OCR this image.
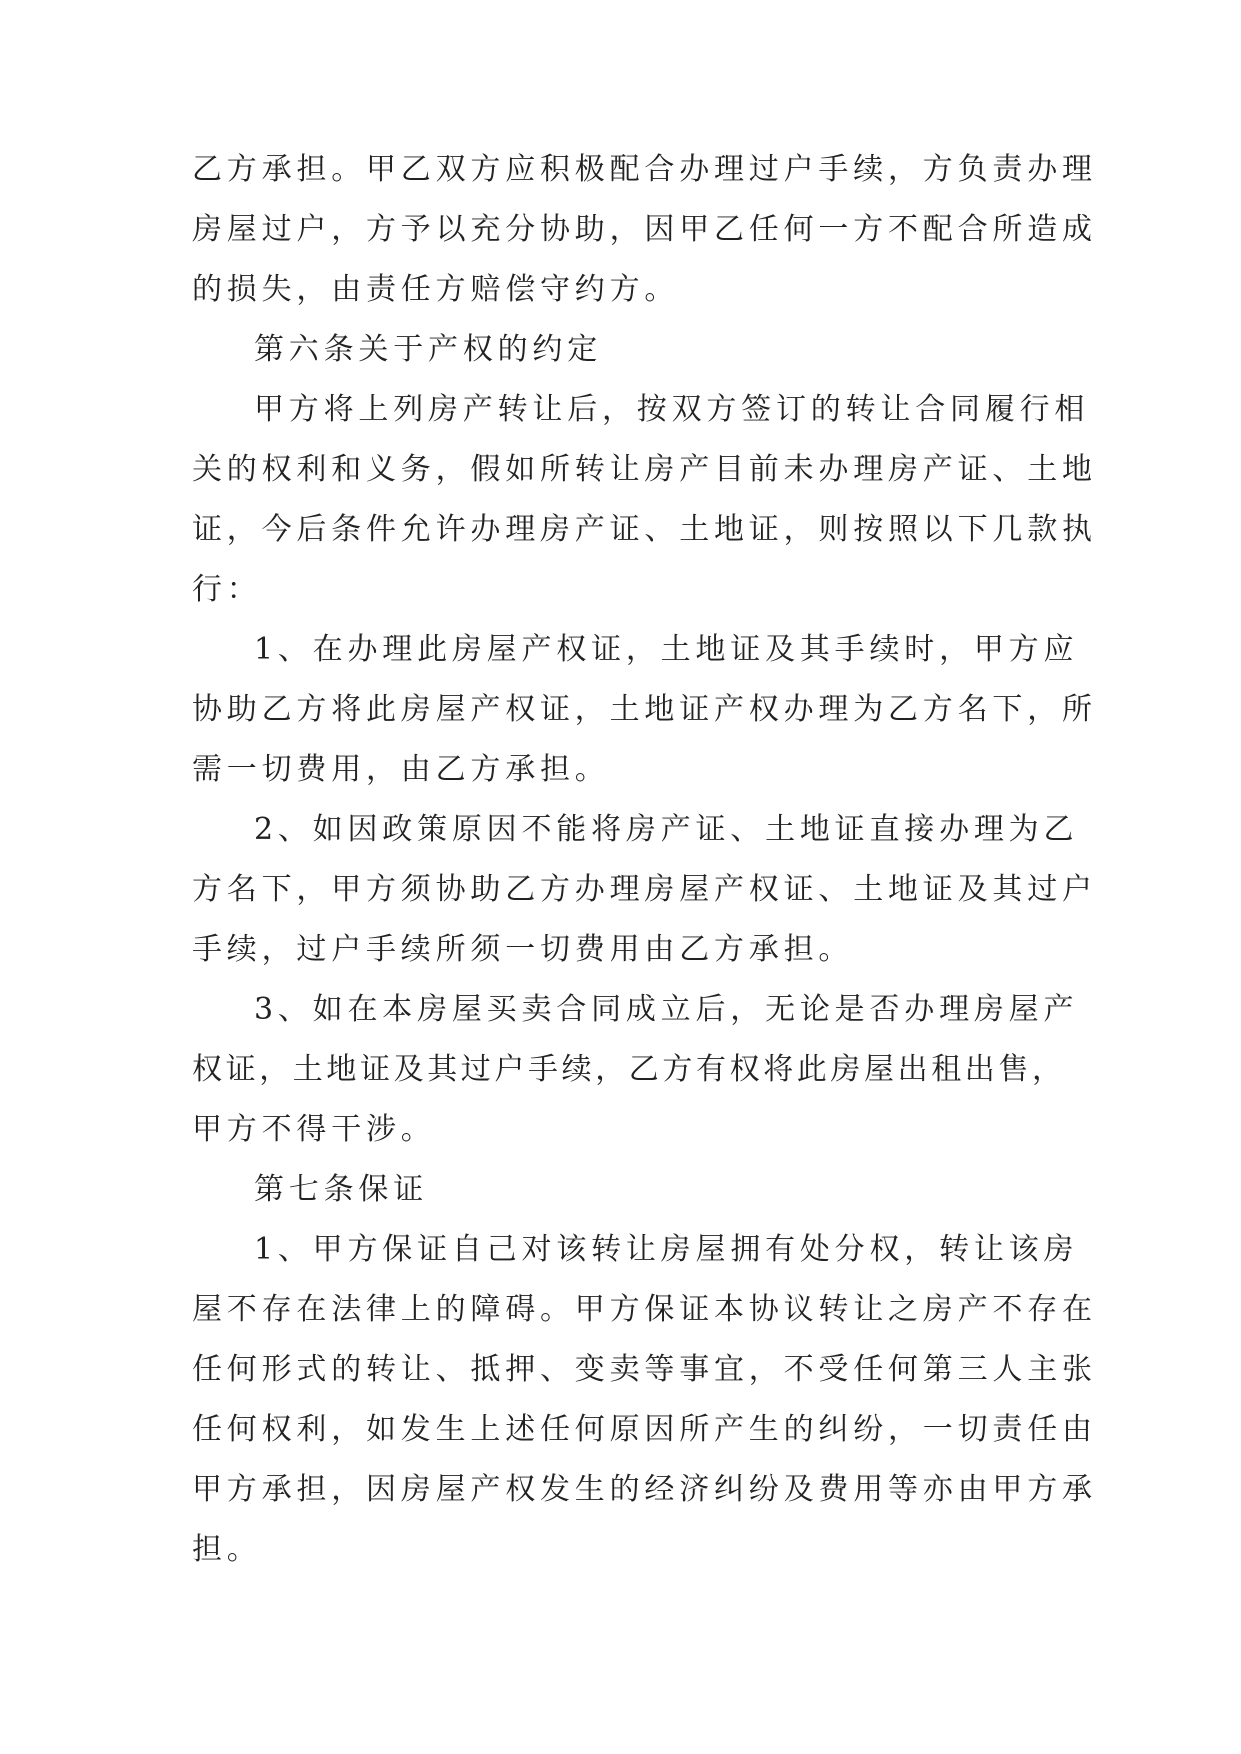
乙方承担。甲乙双方应积极配合办理过户手续，方负责办理
房屋过户，方予以充分协助，因甲乙任何一方不配合所造成
的损失，由责任方赔偿守约方。
第六条关于产权的约定
甲方将上列房产转让后，按双方签订的转让合同履行相
关的权利和义务，假如所转让房产目前未办理房产证、土地
证，今后条件允许办理房产证、土地证，则按照以下几款执
行：
1、在办理此房屋产权证，土地证及其手续时，甲方应
协助乙方将此房屋产权证，土地证产权办理为乙方名下，所
需一切费用，由乙方承担。
2、如因政策原因不能将房产证、土地证直接办理为乙
方名下，甲方须协助乙方办理房屋产权证、土地证及其过户
手续，过户手续所须一切费用由乙方承担。
3、如在本房屋买卖合同成立后，无论是否办理房屋产
权证，土地证及其过户手续，乙方有权将此房屋出租出售，
甲方不得干涉。
第七条保证
1、甲方保证自己对该转让房屋拥有处分权，转让该房
屋不存在法律上的障碍。甲方保证本协议转让之房产不存在
任何形式的转让、抵押、变卖等事宜，不受任何第三人主张
任何权利，如发生上述任何原因所产生的纠纷，一切责任由
甲方承担，因房屋产权发生的经济纠纷及费用等亦由甲方承
担。
